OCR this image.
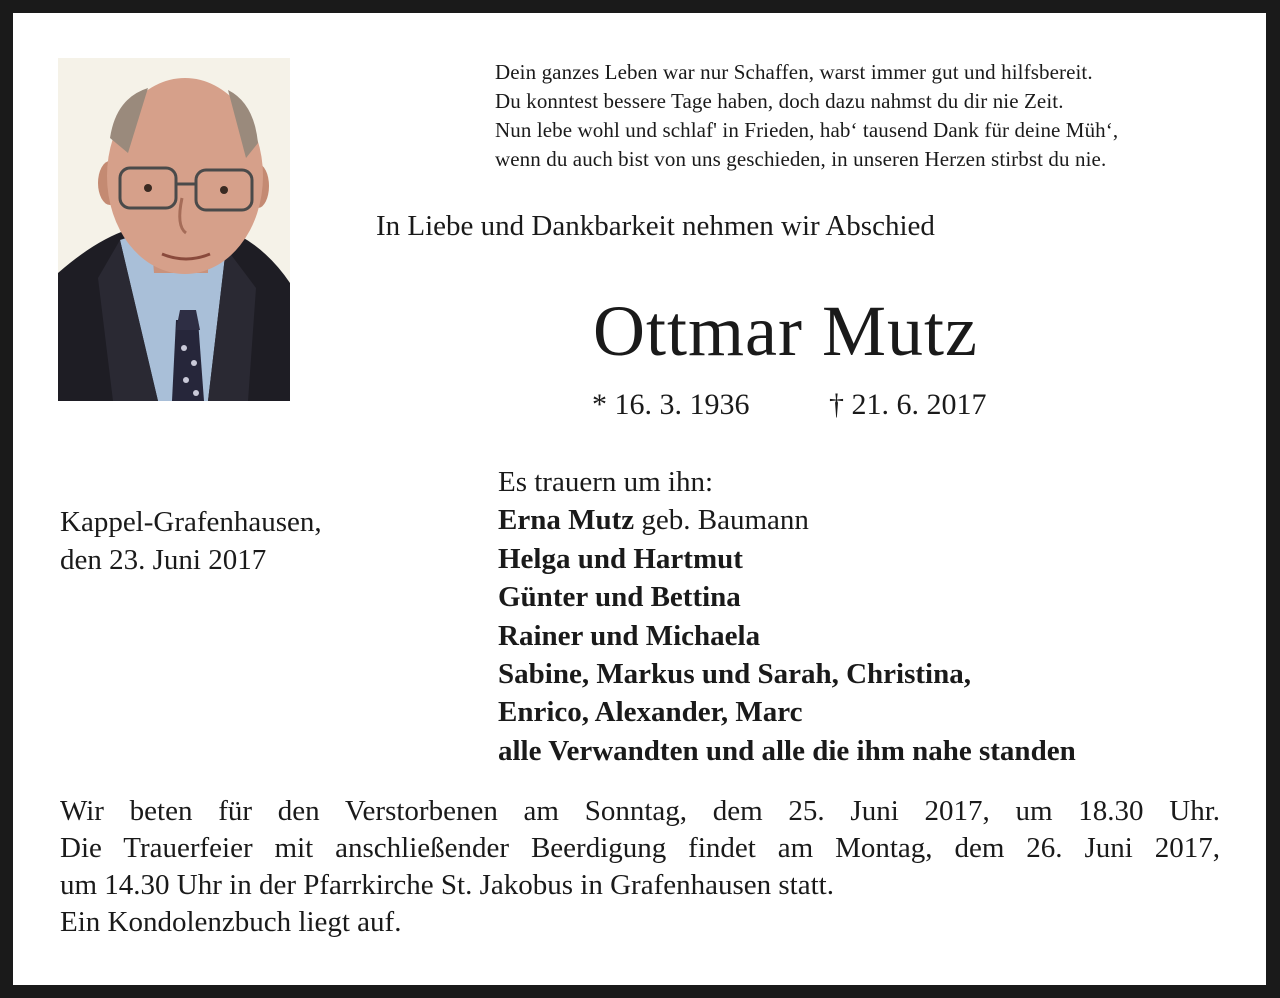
Dein ganzes Leben war nur Schaffen, warst immer gut und hilfsbereit.
Du konntest bessere Tage haben, doch dazu nahmst du dir nie Zeit.
Nun lebe wohl und schlaf' in Frieden, hab‘ tausend Dank für deine Müh‘,
wenn du auch bist von uns geschieden, in unseren Herzen stirbst du nie.
In Liebe und Dankbarkeit nehmen wir Abschied
Ottmar Mutz
* 16. 3. 1936	† 21. 6. 2017
Kappel-Grafenhausen,
den 23. Juni 2017
Es trauern um ihn:
Erna Mutz geb. Baumann
Helga und Hartmut
Günter und Bettina
Rainer und Michaela
Sabine, Markus und Sarah, Christina,
Enrico, Alexander, Marc
alle Verwandten und alle die ihm nahe standen
Wir beten für den Verstorbenen am Sonntag, dem 25. Juni 2017, um 18.30 Uhr.
Die Trauerfeier mit anschließender Beerdigung findet am Montag, dem 26. Juni 2017,
um 14.30 Uhr in der Pfarrkirche St. Jakobus in Grafenhausen statt.
Ein Kondolenzbuch liegt auf.
